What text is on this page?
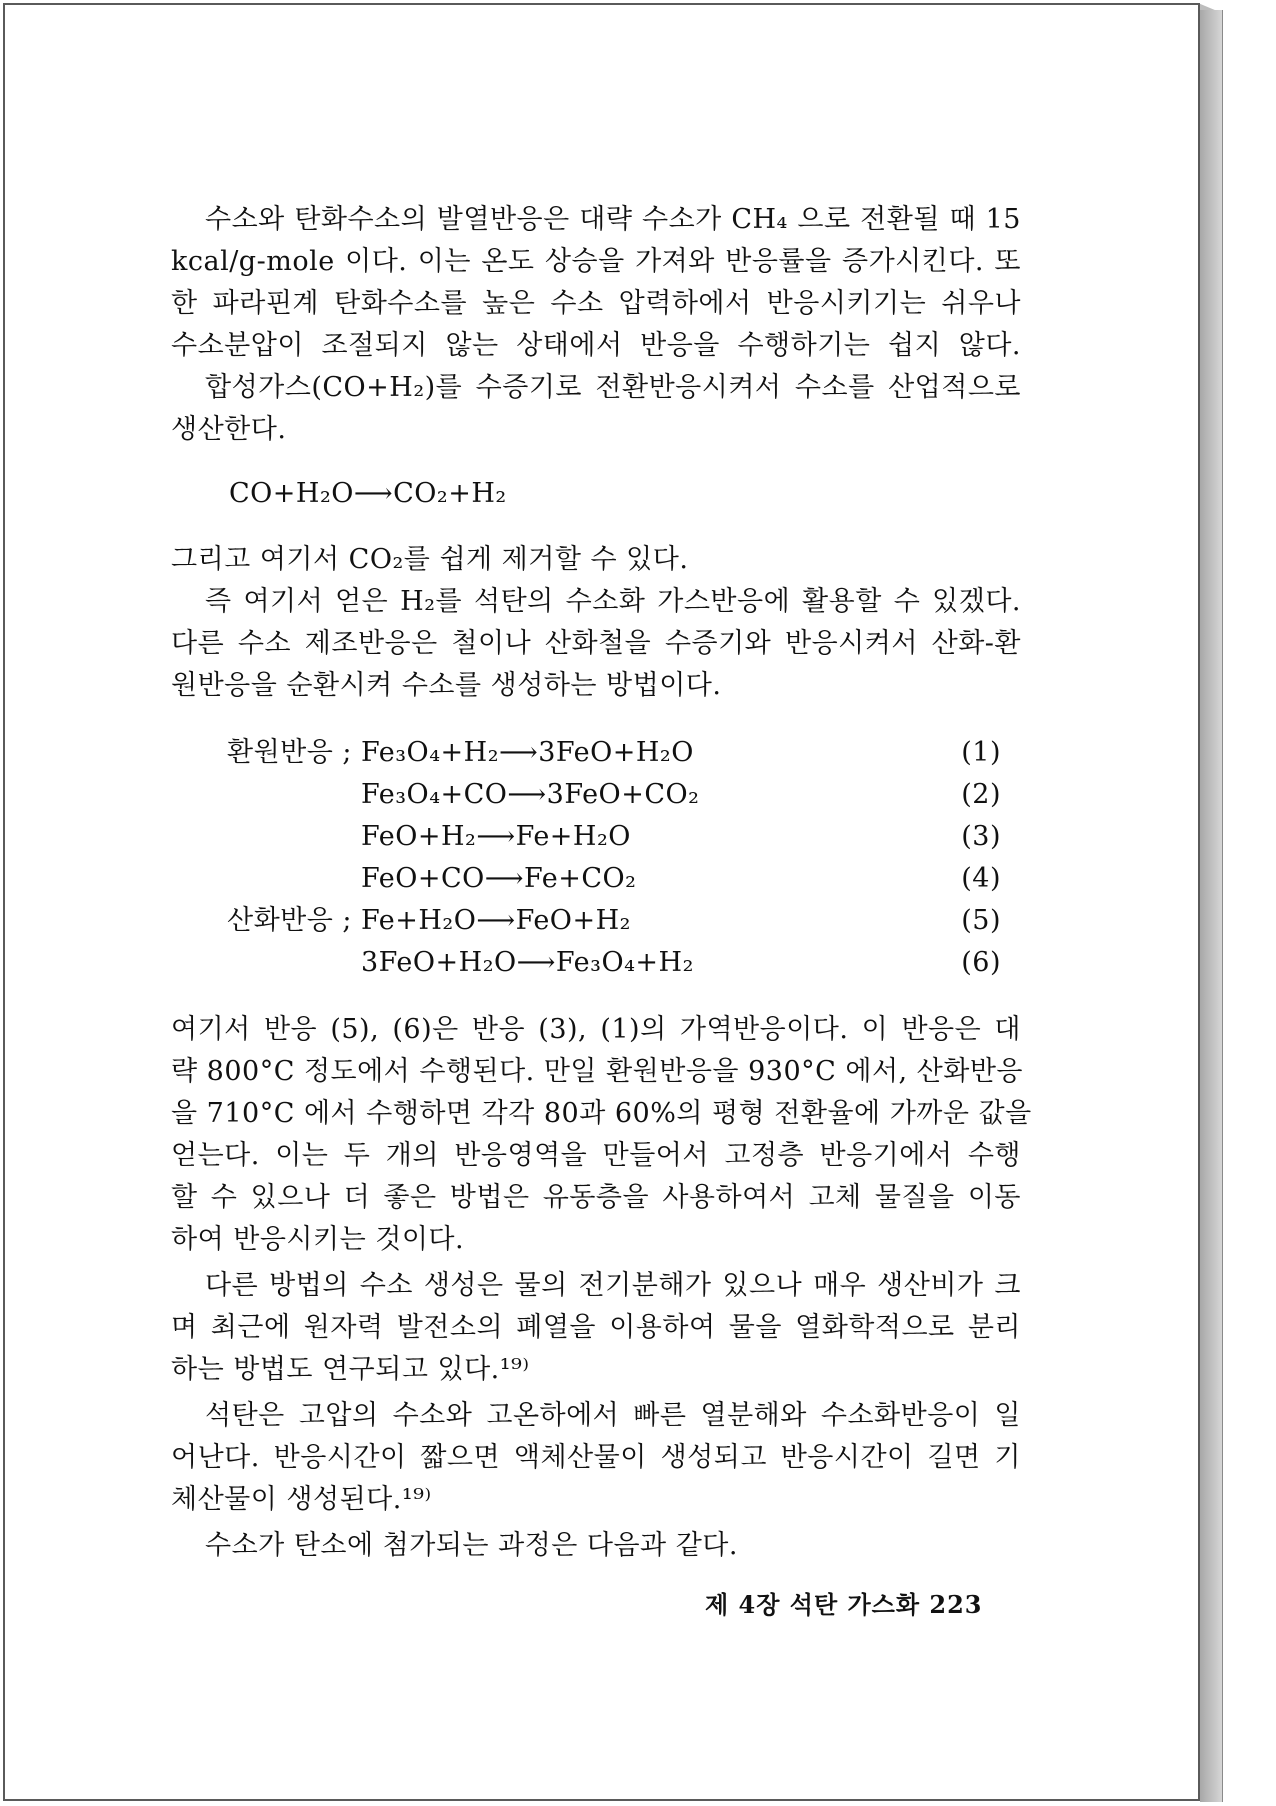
수소와 탄화수소의 발열반응은 대략 수소가 CH₄ 으로 전환될 때 15
kcal/g-mole 이다. 이는 온도 상승을 가져와 반응률을 증가시킨다. 또
한 파라핀계 탄화수소를 높은 수소 압력하에서 반응시키기는 쉬우나
수소분압이 조절되지 않는 상태에서 반응을 수행하기는 쉽지 않다.
합성가스(CO+H₂)를 수증기로 전환반응시켜서 수소를 산업적으로
생산한다.
CO+H₂O⟶CO₂+H₂
그리고 여기서 CO₂를 쉽게 제거할 수 있다.
즉 여기서 얻은 H₂를 석탄의 수소화 가스반응에 활용할 수 있겠다.
다른 수소 제조반응은 철이나 산화철을 수증기와 반응시켜서 산화-환
원반응을 순환시켜 수소를 생성하는 방법이다.
환원반응 ; Fe₃O₄+H₂⟶3FeO+H₂O	(1)
Fe₃O₄+CO⟶3FeO+CO₂	(2)
FeO+H₂⟶Fe+H₂O	(3)
FeO+CO⟶Fe+CO₂	(4)
산화반응 ; Fe+H₂O⟶FeO+H₂	(5)
3FeO+H₂O⟶Fe₃O₄+H₂	(6)
여기서 반응 (5), (6)은 반응 (3), (1)의 가역반응이다. 이 반응은 대
략 800°C 정도에서 수행된다. 만일 환원반응을 930°C 에서, 산화반응
을 710°C 에서 수행하면 각각 80과 60%의 평형 전환율에 가까운 값을
얻는다. 이는 두 개의 반응영역을 만들어서 고정층 반응기에서 수행
할 수 있으나 더 좋은 방법은 유동층을 사용하여서 고체 물질을 이동
하여 반응시키는 것이다.
다른 방법의 수소 생성은 물의 전기분해가 있으나 매우 생산비가 크
며 최근에 원자력 발전소의 폐열을 이용하여 물을 열화학적으로 분리
하는 방법도 연구되고 있다.¹⁹⁾
석탄은 고압의 수소와 고온하에서 빠른 열분해와 수소화반응이 일
어난다. 반응시간이 짧으면 액체산물이 생성되고 반응시간이 길면 기
체산물이 생성된다.¹⁹⁾
수소가 탄소에 첨가되는 과정은 다음과 같다.
제 4장 석탄 가스화 223
